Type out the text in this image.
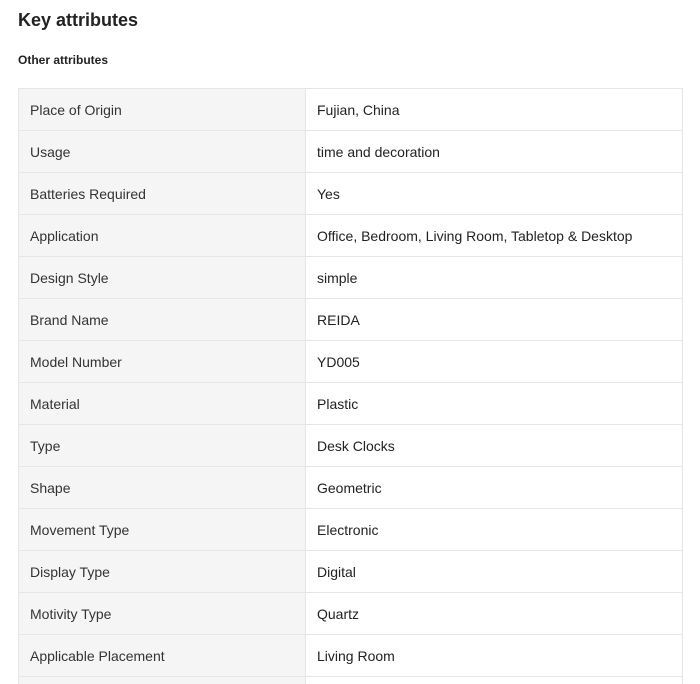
Key attributes
Other attributes
Place of Origin	Fujian, China
Usage	time and decoration
Batteries Required	Yes
Application	Office, Bedroom, Living Room, Tabletop & Desktop
Design Style	simple
Brand Name	REIDA
Model Number	YD005
Material	Plastic
Type	Desk Clocks
Shape	Geometric
Movement Type	Electronic
Display Type	Digital
Motivity Type	Quartz
Applicable Placement	Living Room
